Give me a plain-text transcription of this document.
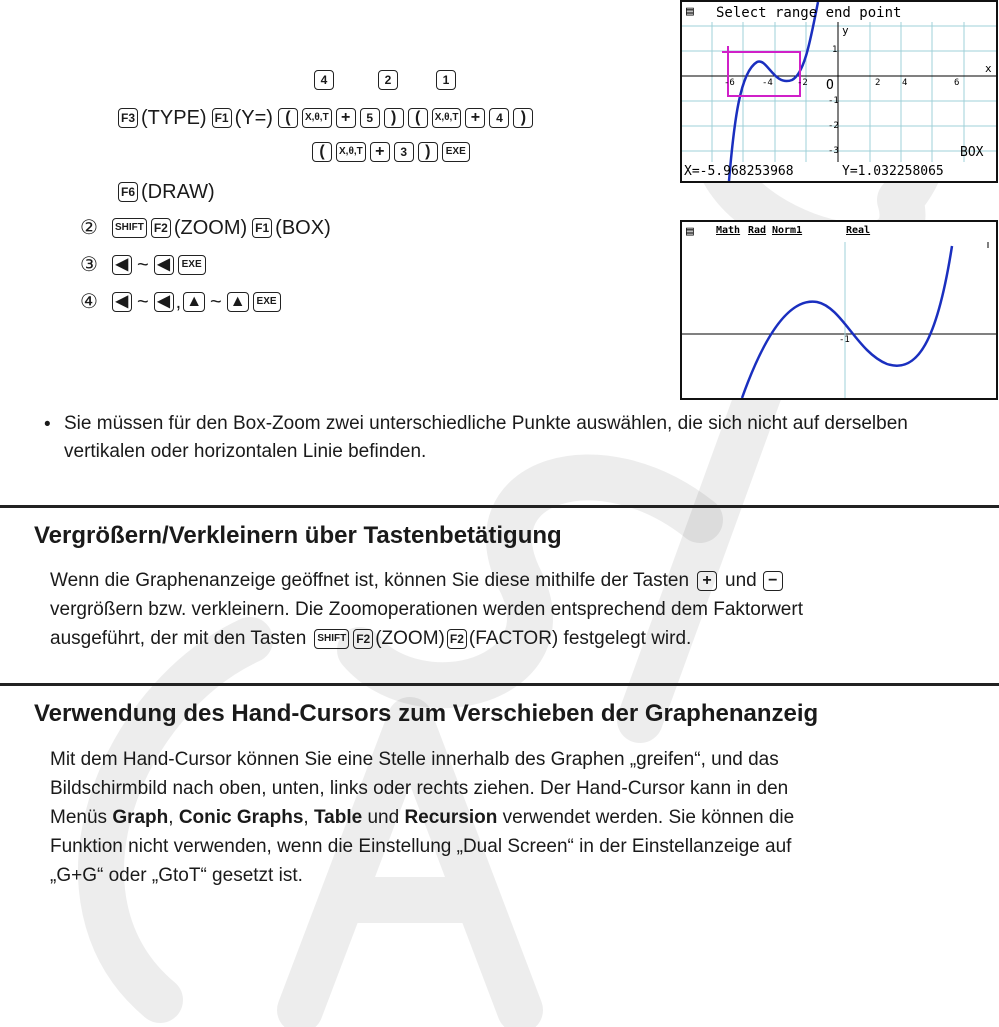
4	2	1
F3 (TYPE) F1 (Y=) (	X,θ,T +	5	)	(	X,θ,T +	4	)
(	X,θ,T +	3	)	EXE
F6 (DRAW)
②	SHIFT F2 (ZOOM) F1 (BOX)
③ ◀ ~ ◀	EXE
④ ◀ ~ ◀ , ▲ ~ ▲	EXE
▤ Select range end point
y
x
O
-6	-4	-2	2 4	6
1
-1
-2
-3	BOX
X=-5.968253968	Y=1.032258065
▤ Math Rad Norm1	Real
-1
• Sie müssen für den Box-Zoom zwei unterschiedliche Punkte auswählen, die sich nicht auf derselben vertikalen oder horizontalen Linie befinden.
Vergrößern/Verkleinern über Tastenbetätigung
Wenn die Graphenanzeige geöffnet ist, können Sie diese mithilfe der Tasten + und −
vergrößern bzw. verkleinern. Die Zoomoperationen werden entsprechend dem Faktorwert
ausgeführt, der mit den Tasten	SHIFT F2 (ZOOM) F2 (FACTOR) festgelegt wird.
Verwendung des Hand-Cursors zum Verschieben der Graphenanzeig
Mit dem Hand-Cursor können Sie eine Stelle innerhalb des Graphen „greifen“, und das
Bildschirmbild nach oben, unten, links oder rechts ziehen. Der Hand-Cursor kann in den
Menüs Graph, Conic Graphs, Table und Recursion verwendet werden. Sie können die
Funktion nicht verwenden, wenn die Einstellung „Dual Screen“ in der Einstellanzeige auf
„G+G“ oder „GtoT“ gesetzt ist.
